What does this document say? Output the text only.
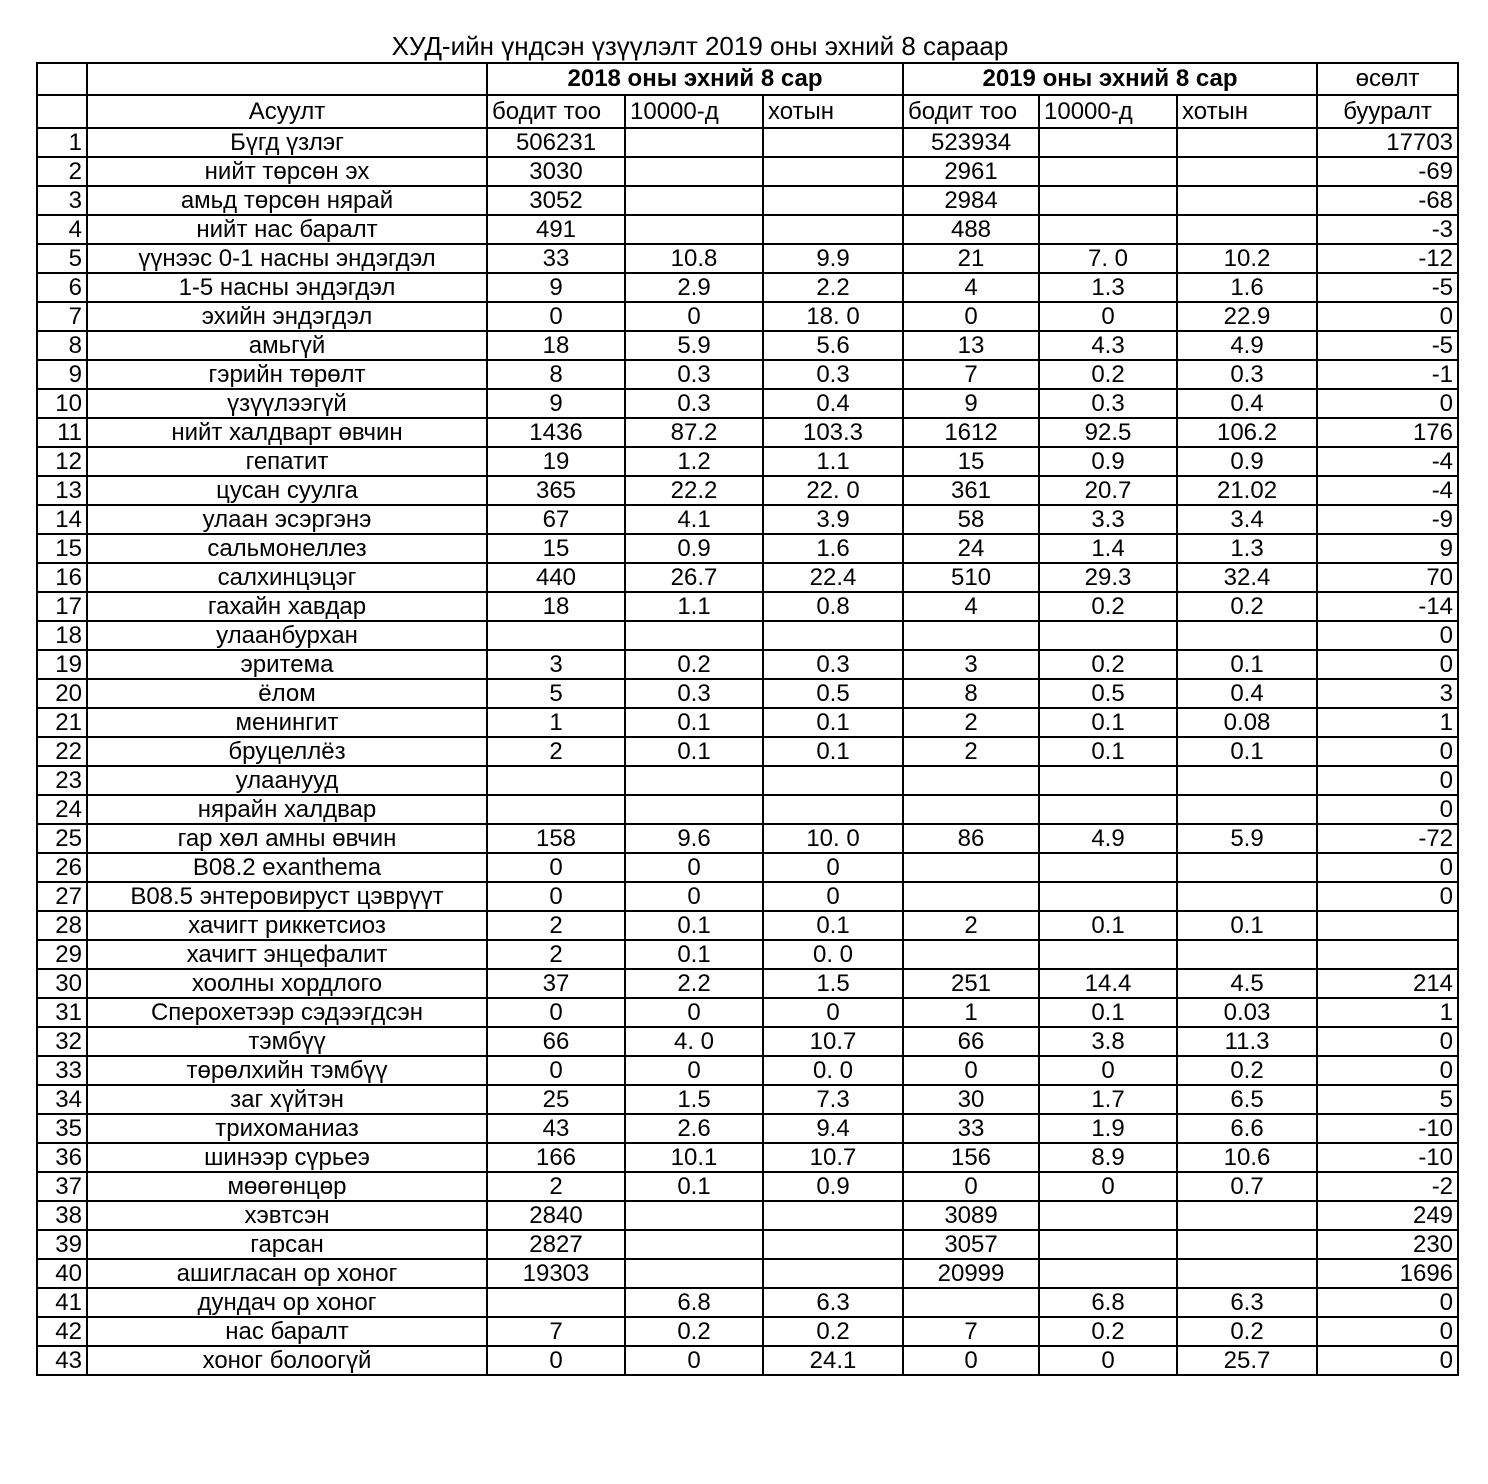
ХУД-ийн үндсэн үзүүлэлт 2019 оны эхний 8 сараар
		2018 оны эхний 8 сар			2019 оны эхний 8 сар			өсөлт
	Асуулт	бодит тоо	10000-д	хотын	бодит тоо	10000-д	хотын	бууралт
1	Бүгд үзлэг	506231			523934			17703
2	нийт төрсөн эх	3030			2961			-69
3	амьд төрсөн нярай	3052			2984			-68
4	нийт нас баралт	491			488			-3
5	үүнээс 0-1 насны эндэгдэл	33	10.8	9.9	21	7. 0	10.2	-12
6	1-5 насны эндэгдэл	9	2.9	2.2	4	1.3	1.6	-5
7	эхийн эндэгдэл	0	0	18. 0	0	0	22.9	0
8	амьгүй	18	5.9	5.6	13	4.3	4.9	-5
9	гэрийн төрөлт	8	0.3	0.3	7	0.2	0.3	-1
10	үзүүлээгүй	9	0.3	0.4	9	0.3	0.4	0
11	нийт халдварт өвчин	1436	87.2	103.3	1612	92.5	106.2	176
12	гепатит	19	1.2	1.1	15	0.9	0.9	-4
13	цусан суулга	365	22.2	22. 0	361	20.7	21.02	-4
14	улаан эсэргэнэ	67	4.1	3.9	58	3.3	3.4	-9
15	сальмонеллез	15	0.9	1.6	24	1.4	1.3	9
16	салхинцэцэг	440	26.7	22.4	510	29.3	32.4	70
17	гахайн хавдар	18	1.1	0.8	4	0.2	0.2	-14
18	улаанбурхан							0
19	эритема	3	0.2	0.3	3	0.2	0.1	0
20	ёлом	5	0.3	0.5	8	0.5	0.4	3
21	менингит	1	0.1	0.1	2	0.1	0.08	1
22	бруцеллёз	2	0.1	0.1	2	0.1	0.1	0
23	улаанууд							0
24	нярайн халдвар							0
25	гар хөл амны өвчин	158	9.6	10. 0	86	4.9	5.9	-72
26	B08.2 exanthema	0	0	0				0
27	B08.5 энтеровируст цэврүүт	0	0	0				0
28	хачигт риккетсиоз	2	0.1	0.1	2	0.1	0.1	
29	хачигт энцефалит	2	0.1	0. 0				
30	хоолны хордлого	37	2.2	1.5	251	14.4	4.5	214
31	Сперохетээр сэдээгдсэн	0	0	0	1	0.1	0.03	1
32	тэмбүү	66	4. 0	10.7	66	3.8	11.3	0
33	төрөлхийн тэмбүү	0	0	0. 0	0	0	0.2	0
34	заг хүйтэн	25	1.5	7.3	30	1.7	6.5	5
35	трихоманиаз	43	2.6	9.4	33	1.9	6.6	-10
36	шинээр сүрьеэ	166	10.1	10.7	156	8.9	10.6	-10
37	мөөгөнцөр	2	0.1	0.9	0	0	0.7	-2
38	хэвтсэн	2840			3089			249
39	гарсан	2827			3057			230
40	ашигласан ор хоног	19303			20999			1696
41	дундач ор хоног		6.8	6.3		6.8	6.3	0
42	нас баралт	7	0.2	0.2	7	0.2	0.2	0
43	хоног болоогүй	0	0	24.1	0	0	25.7	0
